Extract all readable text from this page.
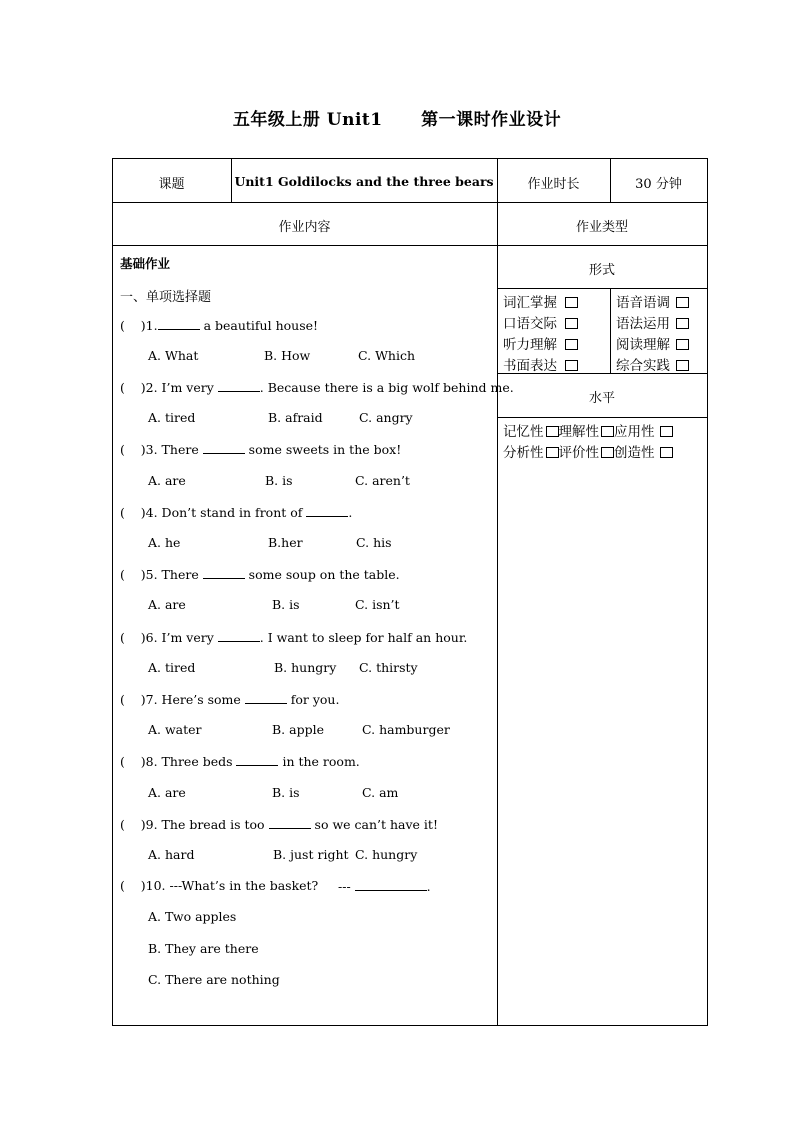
五年级上册 Unit1      第一课时作业设计
课题	Unit1 Goldilocks and the three bears	作业时长	30 分钟
作业内容	作业类型
形式
词汇掌握	语音语调
口语交际	语法运用
听力理解	阅读理解
书面表达	综合实践
水平
记忆性 理解性 应用性
分析性 评价性 创造性
基础作业
一、单项选择题
(    )1.	a beautiful house!
A. What	B. How	C. Which
(    )2. I’m very	. Because there is a big wolf behind me.
A. tired	B. afraid	C. angry
(    )3. There	some sweets in the box!
A. are	B. is	C. aren’t
(    )4. Don’t stand in front of	.
A. he	B.her	C. his
(    )5. There	some soup on the table.
A. are	B. is	C. isn’t
(    )6. I’m very	. I want to sleep for half an hour.
A. tired	B. hungry C. thirsty
(    )7. Here’s some	for you.
A. water	B. apple	C. hamburger
(    )8. Three beds	in the room.
A. are	B. is	C. am
(    )9. The bread is too	so we can’t have it!
A. hard	B. just right C. hungry
(    )10. ---What’s in the basket? ---	.
A. Two apples
B. They are there
C. There are nothing
